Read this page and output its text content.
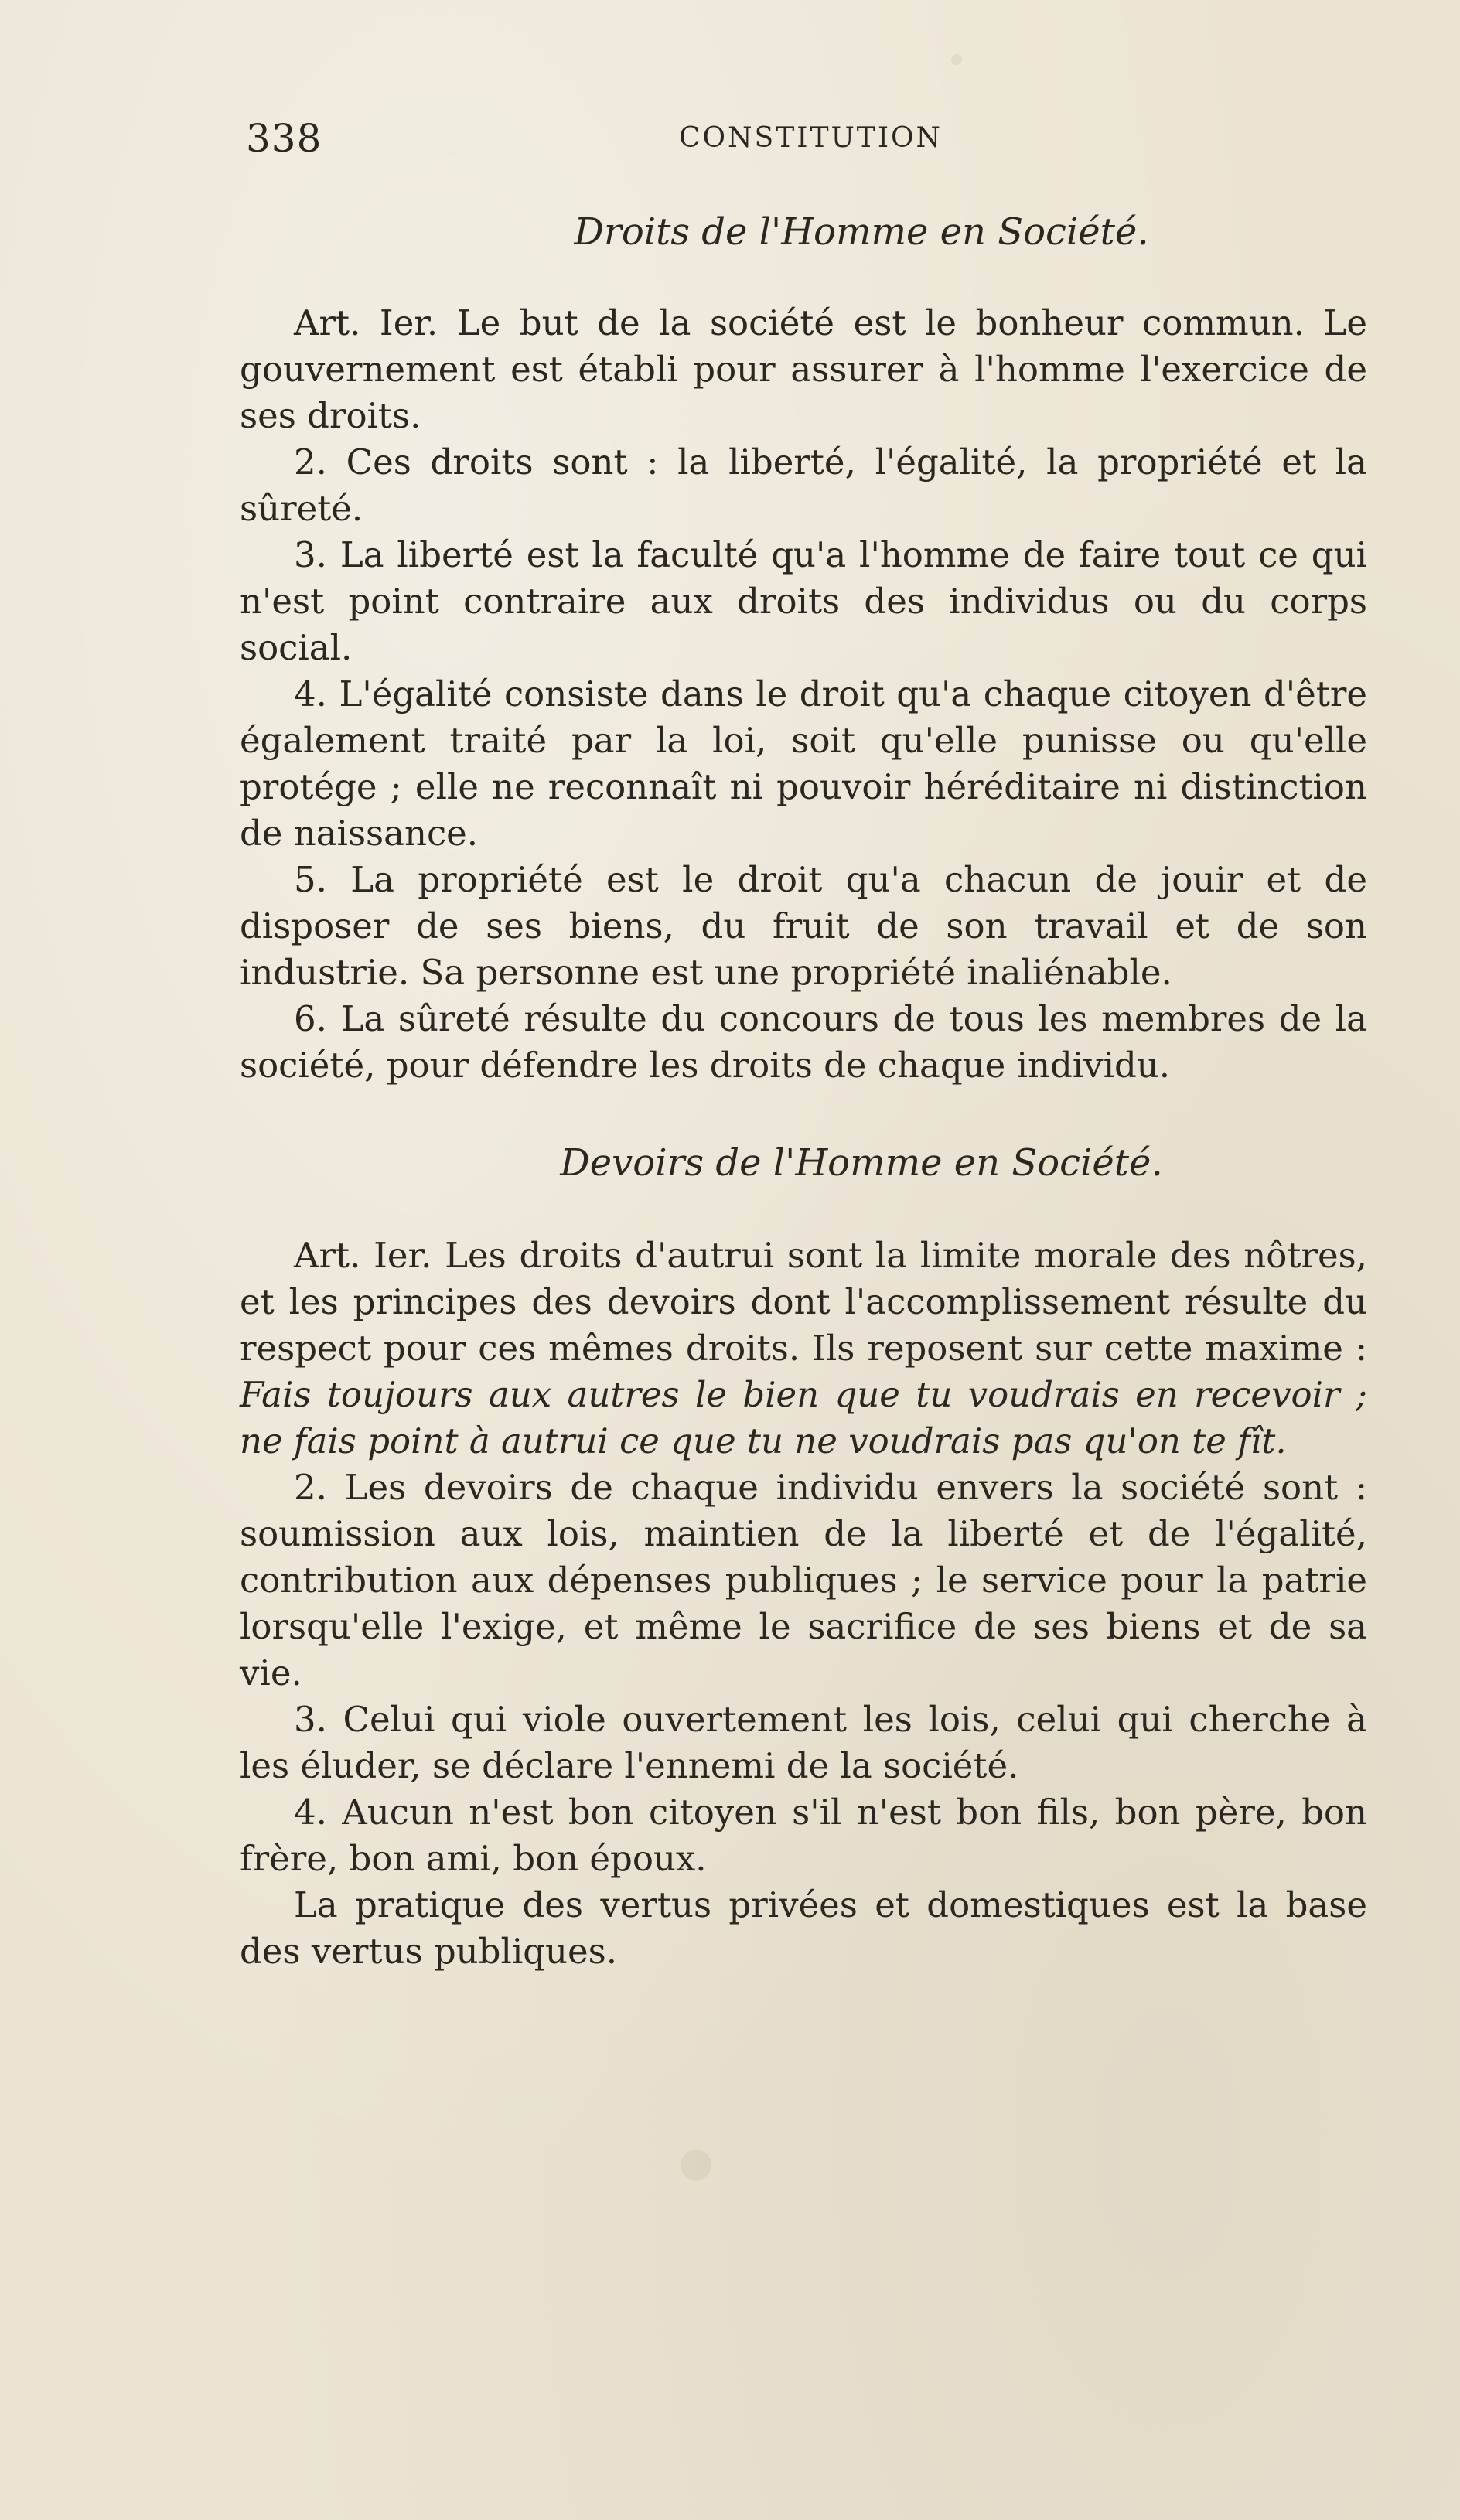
338	CONSTITUTION
Droits de l'Homme en Société.

Art. Ier. Le but de la société est le bonheur commun. Le gouvernement est établi pour assurer à l'homme l'exercice de ses droits.

2. Ces droits sont : la liberté, l'égalité, la propriété et la sûreté.

3. La liberté est la faculté qu'a l'homme de faire tout ce qui n'est point contraire aux droits des individus ou du corps social.

4. L'égalité consiste dans le droit qu'a chaque citoyen d'être également traité par la loi, soit qu'elle punisse ou qu'elle protége ; elle ne reconnaît ni pouvoir héréditaire ni distinction de naissance.

5. La propriété est le droit qu'a chacun de jouir et de disposer de ses biens, du fruit de son travail et de son industrie. Sa personne est une propriété inaliénable.

6. La sûreté résulte du concours de tous les membres de la société, pour défendre les droits de chaque individu.

Devoirs de l'Homme en Société.

Art. Ier. Les droits d'autrui sont la limite morale des nôtres, et les principes des devoirs dont l'accomplissement résulte du respect pour ces mêmes droits. Ils reposent sur cette maxime : Fais toujours aux autres le bien que tu voudrais en recevoir ; ne fais point à autrui ce que tu ne voudrais pas qu'on te fît.

2. Les devoirs de chaque individu envers la société sont : soumission aux lois, maintien de la liberté et de l'égalité, contribution aux dépenses publiques ; le service pour la patrie lorsqu'elle l'exige, et même le sacrifice de ses biens et de sa vie.

3. Celui qui viole ouvertement les lois, celui qui cherche à les éluder, se déclare l'ennemi de la société.

4. Aucun n'est bon citoyen s'il n'est bon fils, bon père, bon frère, bon ami, bon époux.

La pratique des vertus privées et domestiques est la base des vertus publiques.
